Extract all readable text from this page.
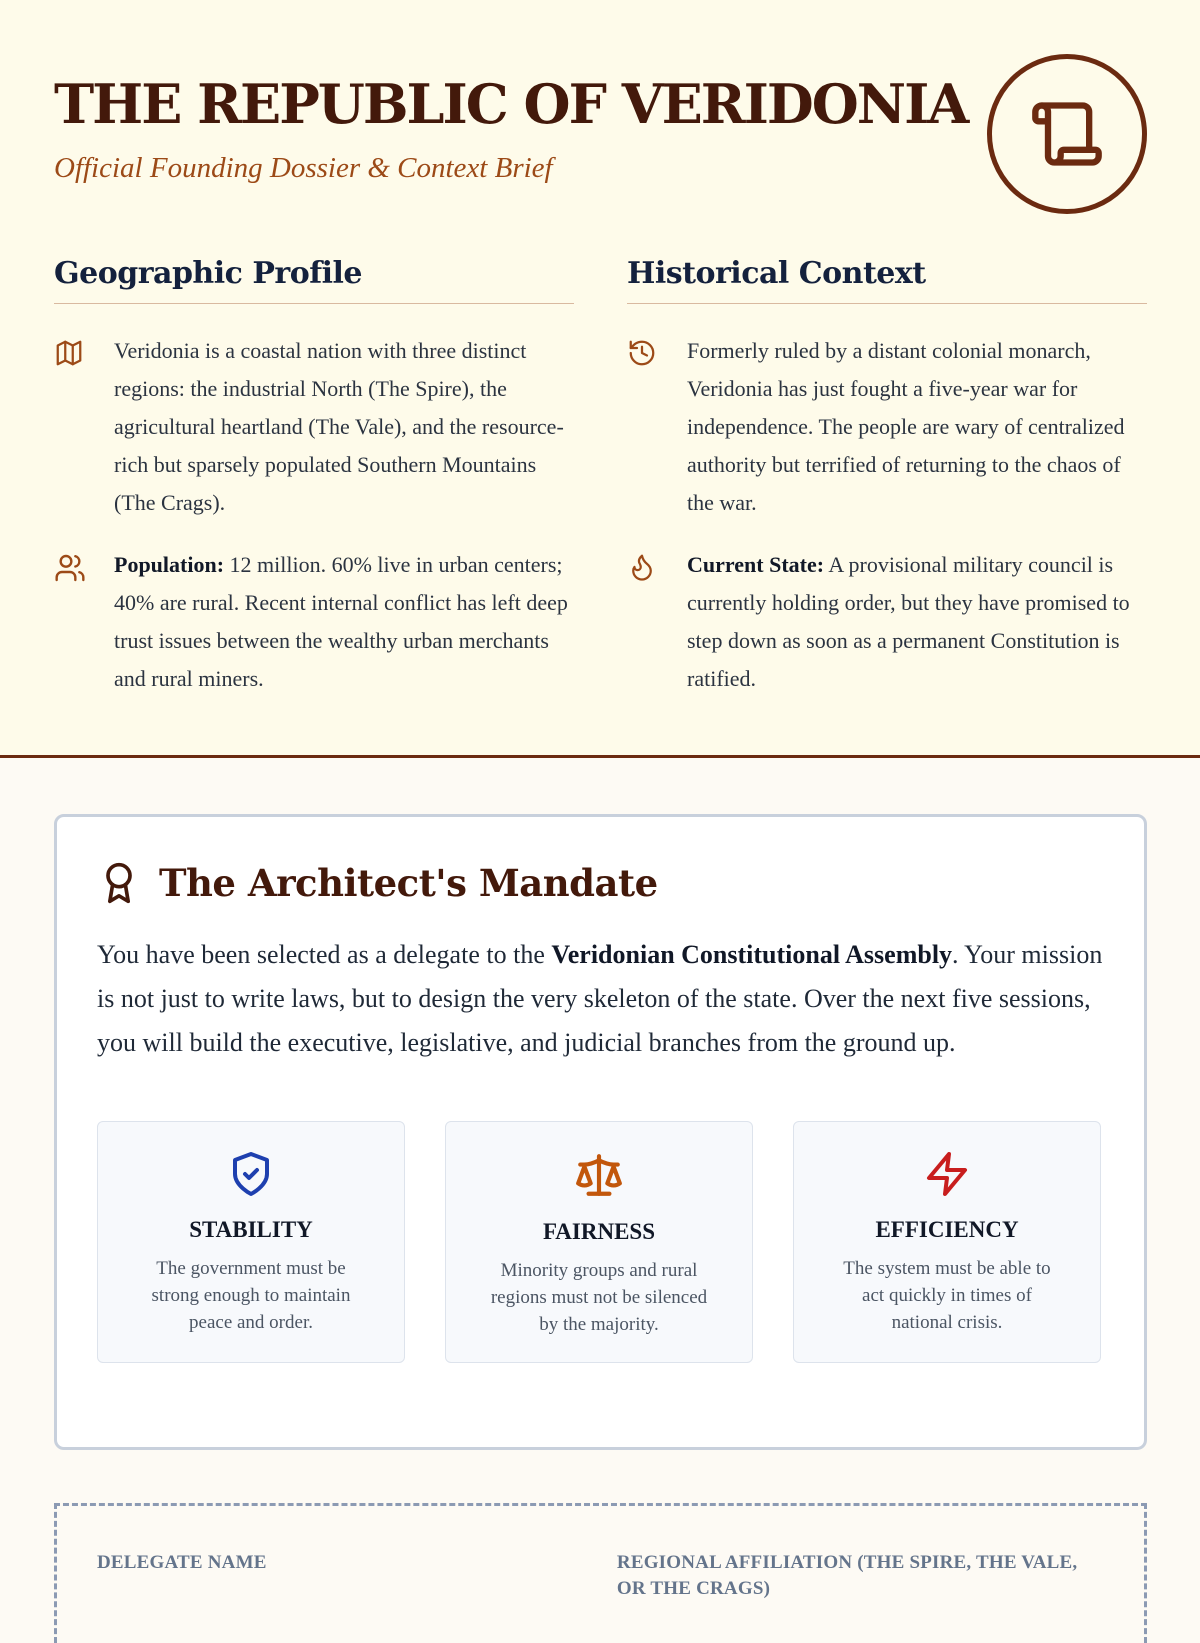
THE REPUBLIC OF VERIDONIA
Official Founding Dossier & Context Brief
Geographic Profile

Veridonia is a coastal nation with three distinct regions: the industrial North (The Spire), the agricultural heartland (The Vale), and the resource-rich but sparsely populated Southern Mountains (The Crags).

Population: 12 million. 60% live in urban centers; 40% are rural. Recent internal conflict has left deep trust issues between the wealthy urban merchants and rural miners.

Historical Context

Formerly ruled by a distant colonial monarch, Veridonia has just fought a five-year war for independence. The people are wary of centralized authority but terrified of returning to the chaos of the war.

Current State: A provisional military council is currently holding order, but they have promised to step down as soon as a permanent Constitution is ratified.

The Architect's Mandate

You have been selected as a delegate to the Veridonian Constitutional Assembly. Your mission is not just to write laws, but to design the very skeleton of the state. Over the next five sessions, you will build the executive, legislative, and judicial branches from the ground up.

STABILITY

The government must be strong enough to maintain peace and order.

FAIRNESS

Minority groups and rural regions must not be silenced by the majority.

EFFICIENCY

The system must be able to act quickly in times of national crisis.

DELEGATE NAME	REGIONAL AFFILIATION (THE SPIRE, THE VALE, OR THE CRAGS)
